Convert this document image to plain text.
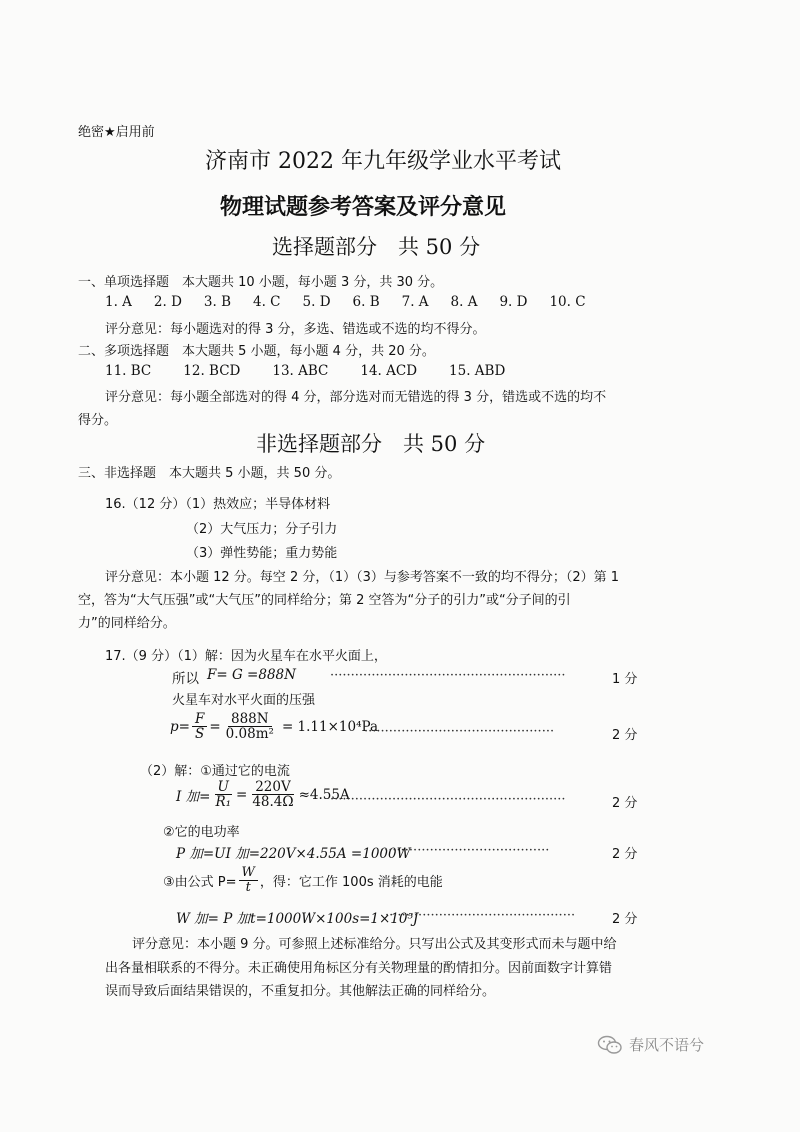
绝密★启用前
济南市 2022 年九年级学业水平考试
物理试题参考答案及评分意见
选择题部分　共 50 分
一、单项选择题　本大题共 10 小题，每小题 3 分，共 30 分。
1. A 2. D 3. B 4. C 5. D 6. B 7. A 8. A 9. D 10. C
评分意见：每小题选对的得 3 分，多选、错选或不选的均不得分。
二、多项选择题　本大题共 5 小题，每小题 4 分，共 20 分。
11. BC 12. BCD 13. ABC 14. ACD 15. ABD
评分意见：每小题全部选对的得 4 分，部分选对而无错选的得 3 分，错选或不选的均不
得分。
非选择题部分　共 50 分
三、非选择题　本大题共 5 小题，共 50 分。
16.（12 分）（1）热效应；半导体材料
（2）大气压力；分子引力
（3）弹性势能；重力势能
评分意见：本小题 12 分。每空 2 分，（1）（3）与参考答案不一致的均不得分；（2）第 1
空，答为“大气压强”或“大气压”的同样给分；第 2 空答为“分子的引力”或“分子间的引
力”的同样给分。
17.（9 分）（1）解：因为火星车在水平火面上，
所以 F= G =888N	·························································	1 分
火星车对水平火面的压强
$p= \frac{F}{S} = \frac{888N}{\text{0.08m²}} = 1.11\times 10^4Pa$
··············································	2 分
（2）解：①通过它的电流
I 加= $\frac{U}{\text{R₁}} = \frac{220V}{48.4\Omega} \approx 4.55A$
·························································	2 分
②它的电功率
P 加=UI 加=220V×4.55A =1000W
·········································	2 分
③由公式 $P= \frac{W}{t}$ ，得：它工作 100s 消耗的电能
W 加= P 加t=1000W×100s=1×10⁵J
··············································	2 分
评分意见：本小题 9 分。可参照上述标准给分。只写出公式及其变形式而未与题中给
出各量相联系的不得分。未正确使用角标区分有关物理量的酌情扣分。因前面数字计算错
误而导致后面结果错误的，不重复扣分。其他解法正确的同样给分。
春风不语兮
